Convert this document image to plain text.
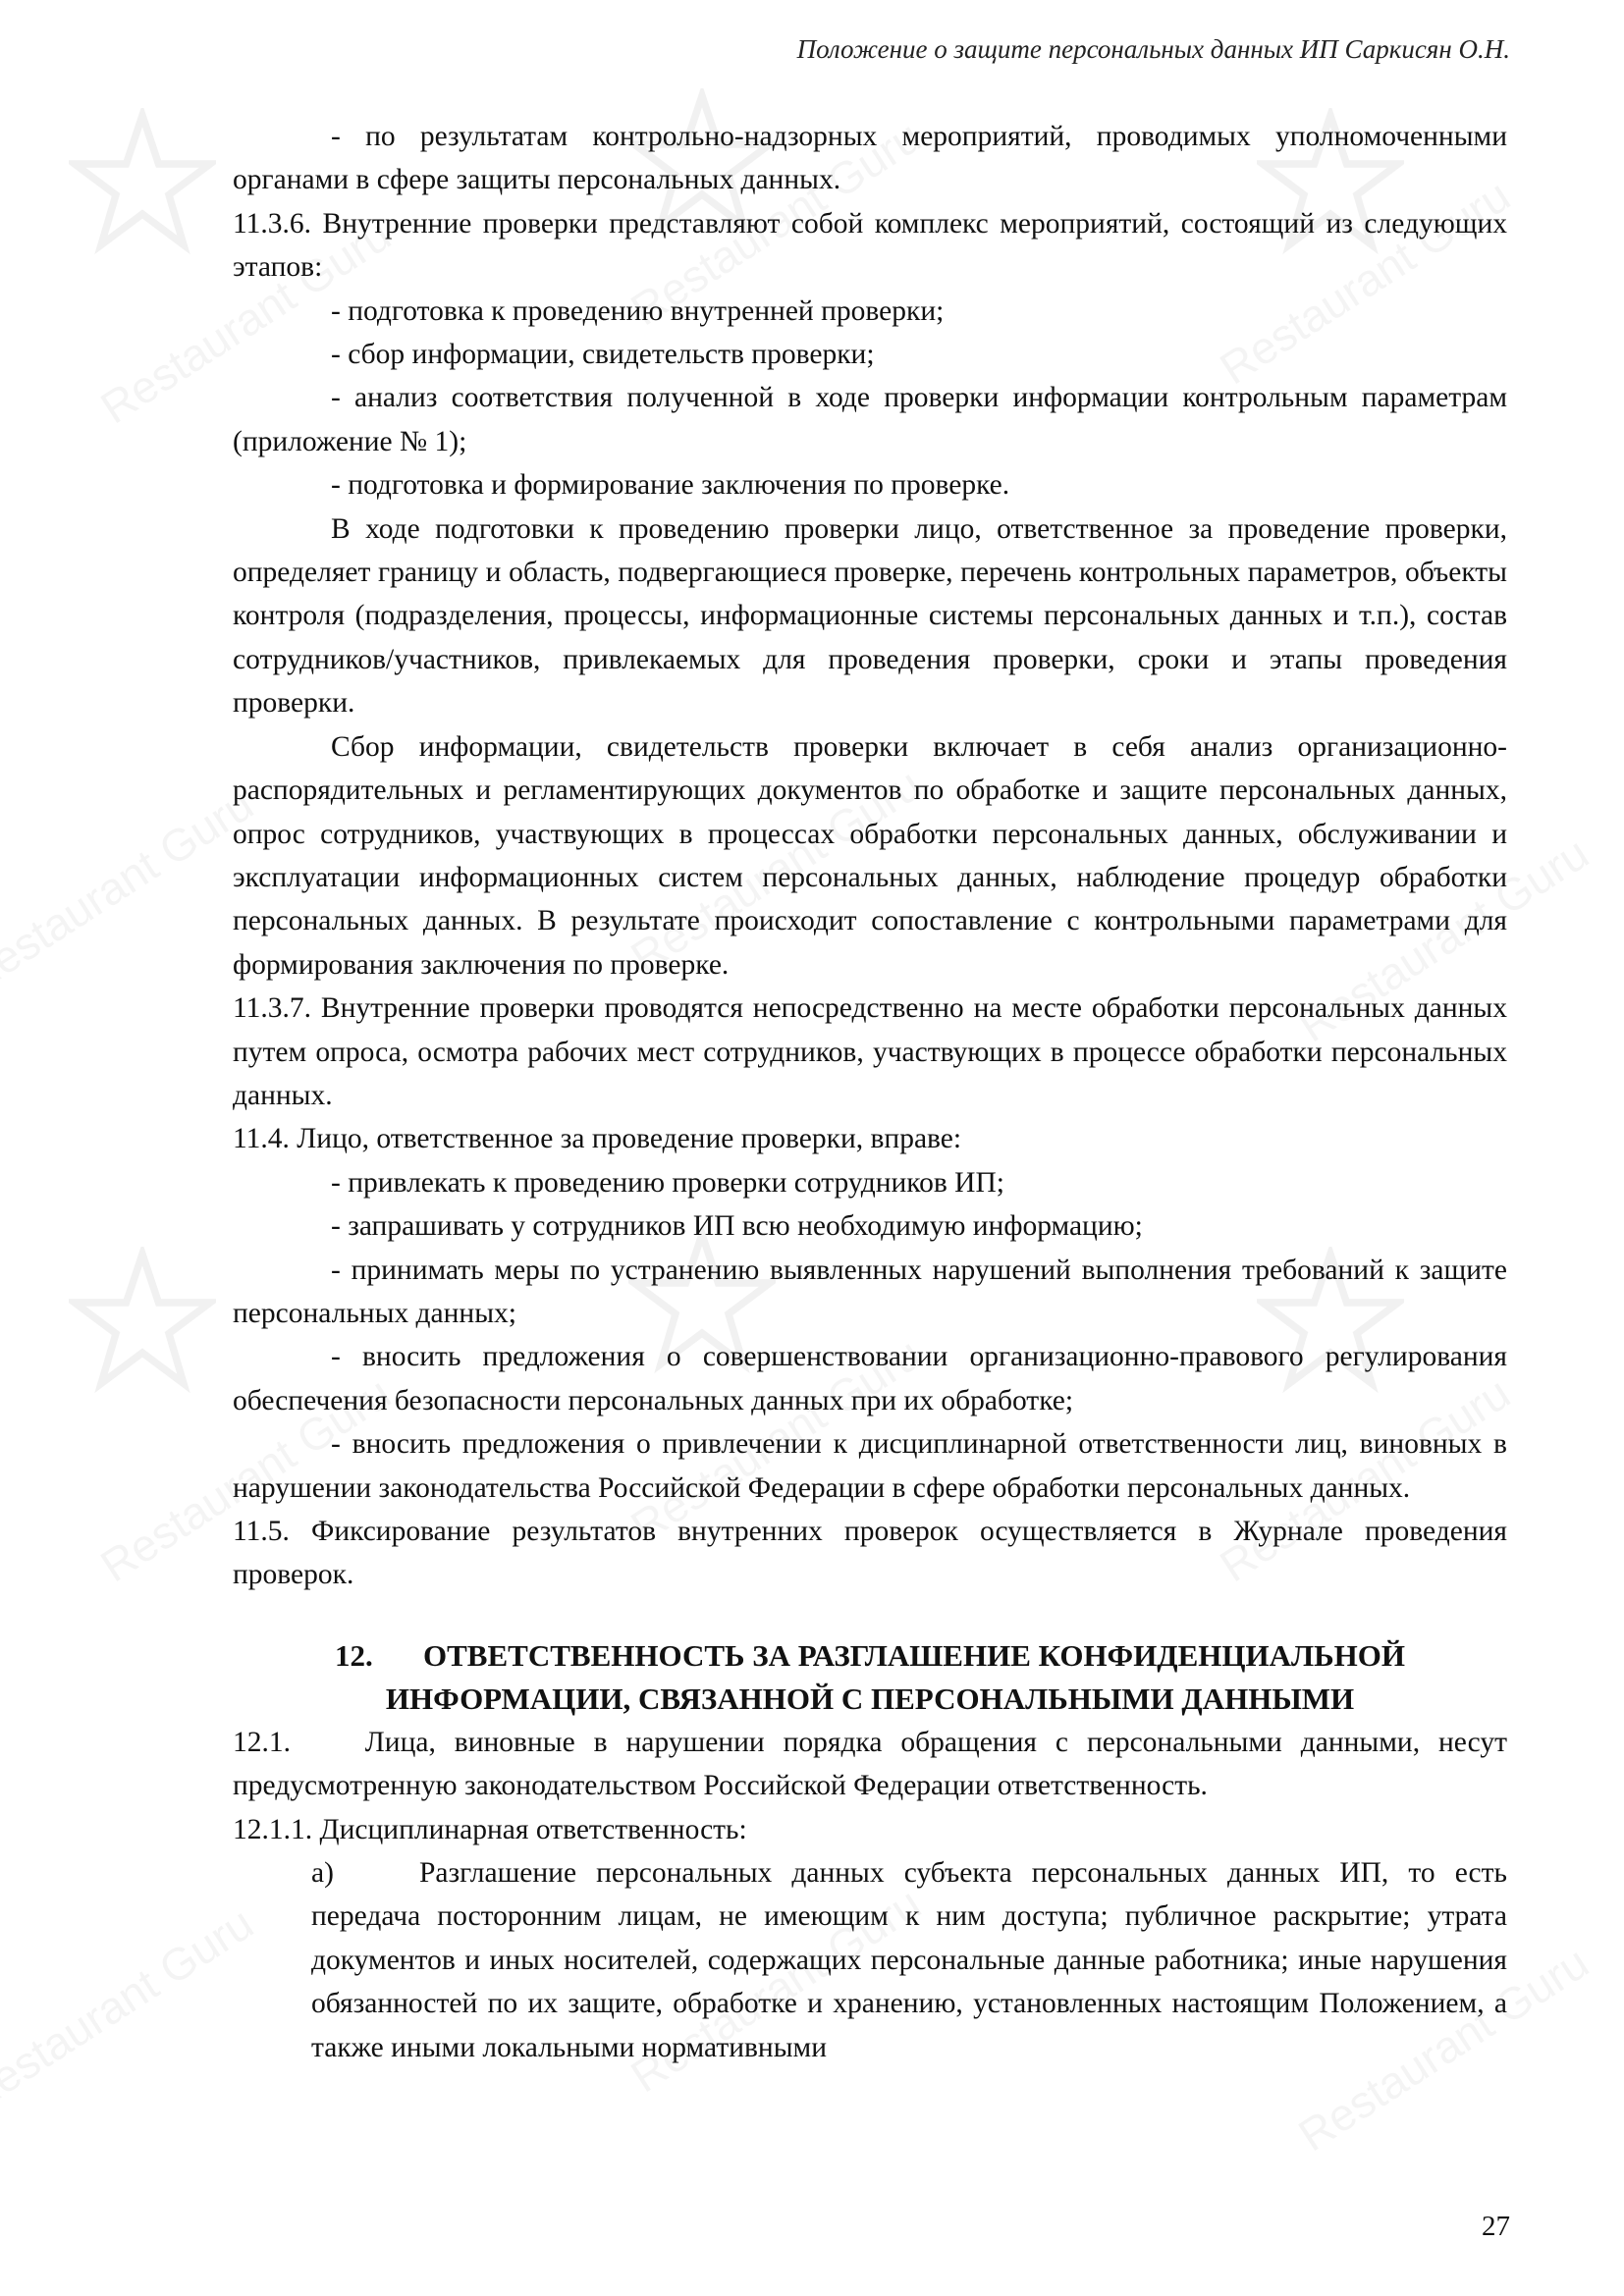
Положение о защите персональных данных ИП Саркисян О.Н.

- по результатам контрольно-надзорных мероприятий, проводимых уполномоченными органами в сфере защиты персональных данных.

11.3.6. Внутренние проверки представляют собой комплекс мероприятий, состоящий из следующих этапов:

- подготовка к проведению внутренней проверки;

- сбор информации, свидетельств проверки;

- анализ соответствия полученной в ходе проверки информации контрольным параметрам (приложение № 1);

- подготовка и формирование заключения по проверке.

В ходе подготовки к проведению проверки лицо, ответственное за проведение проверки, определяет границу и область, подвергающиеся проверке, перечень контрольных параметров, объекты контроля (подразделения, процессы, информационные системы персональных данных и т.п.), состав сотрудников/участников, привлекаемых для проведения проверки, сроки и этапы проведения проверки.

Сбор информации, свидетельств проверки включает в себя анализ организационно-распорядительных и регламентирующих документов по обработке и защите персональных данных, опрос сотрудников, участвующих в процессах обработки персональных данных, обслуживании и эксплуатации информационных систем персональных данных, наблюдение процедур обработки персональных данных. В результате происходит сопоставление с контрольными параметрами для формирования заключения по проверке.

11.3.7. Внутренние проверки проводятся непосредственно на месте обработки персональных данных путем опроса, осмотра рабочих мест сотрудников, участвующих в процессе обработки персональных данных.

11.4. Лицо, ответственное за проведение проверки, вправе:

- привлекать к проведению проверки сотрудников ИП;

- запрашивать у сотрудников ИП всю необходимую информацию;

- принимать меры по устранению выявленных нарушений выполнения требований к защите персональных данных;

- вносить предложения о совершенствовании организационно-правового регулирования обеспечения безопасности персональных данных при их обработке;

- вносить предложения о привлечении к дисциплинарной ответственности лиц, виновных в нарушении законодательства Российской Федерации в сфере обработки персональных данных.

11.5. Фиксирование результатов внутренних проверок осуществляется в Журнале проведения проверок.

12. ОТВЕТСТВЕННОСТЬ ЗА РАЗГЛАШЕНИЕ КОНФИДЕНЦИАЛЬНОЙ
ИНФОРМАЦИИ, СВЯЗАННОЙ С ПЕРСОНАЛЬНЫМИ ДАННЫМИ

12.1.    Лица, виновные в нарушении порядка обращения с персональными данными, несут предусмотренную законодательством Российской Федерации ответственность.

12.1.1. Дисциплинарная ответственность:

а)	Разглашение персональных данных субъекта персональных данных ИП, то есть передача посторонним лицам, не имеющим к ним доступа; публичное раскрытие; утрата документов и иных носителей, содержащих персональные данные работника; иные нарушения обязанностей по их защите, обработке и хранению, установленных настоящим Положением, а также иными локальными нормативными

27
